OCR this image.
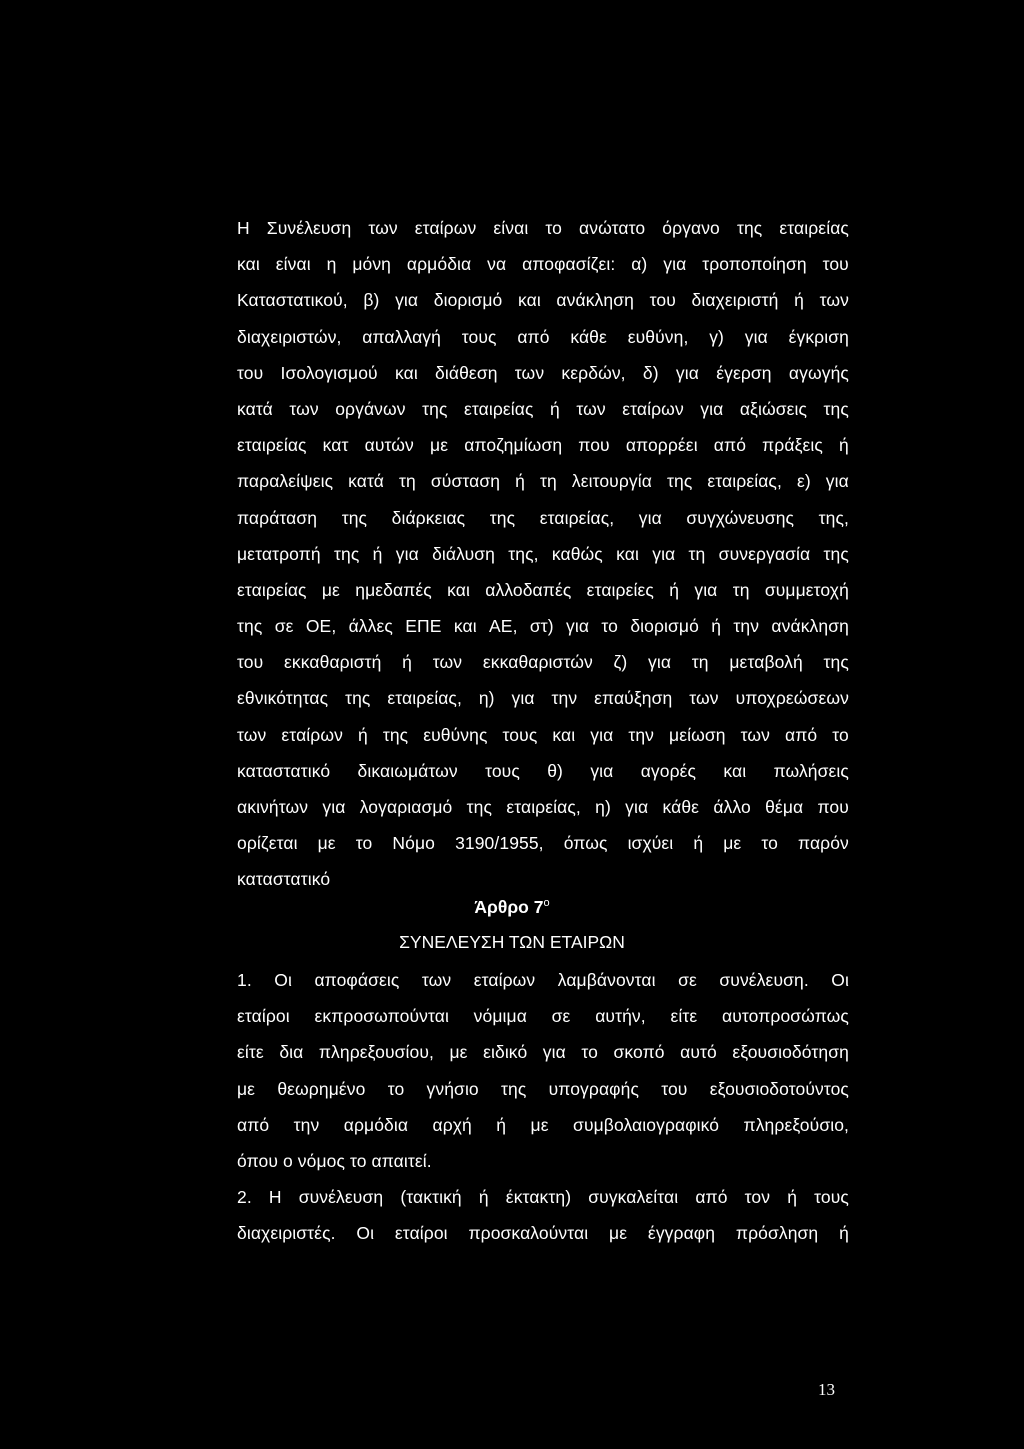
Η Συνέλευση των εταίρων είναι το ανώτατο όργανο της εταιρείας
και είναι η μόνη αρμόδια να αποφασίζει: α) για τροποποίηση του
Καταστατικού, β) για διορισμό και ανάκληση του διαχειριστή ή των
διαχειριστών, απαλλαγή τους από κάθε ευθύνη, γ) για έγκριση
του Ισολογισμού και διάθεση των κερδών, δ) για έγερση αγωγής
κατά των οργάνων της εταιρείας ή των εταίρων για αξιώσεις της
εταιρείας κατ αυτών με αποζημίωση που απορρέει από πράξεις ή
παραλείψεις κατά τη σύσταση ή τη λειτουργία της εταιρείας, ε) για
παράταση της διάρκειας της εταιρείας, για συγχώνευσης της,
μετατροπή της ή για διάλυση της, καθώς και για τη συνεργασία της
εταιρείας με ημεδαπές και αλλοδαπές εταιρείες ή για τη συμμετοχή
της σε ΟΕ, άλλες ΕΠΕ και ΑΕ, στ) για το διορισμό ή την ανάκληση
του εκκαθαριστή ή των εκκαθαριστών ζ) για τη μεταβολή της
εθνικότητας της εταιρείας, η) για την επαύξηση των υποχρεώσεων
των εταίρων ή της ευθύνης τους και για την μείωση των από το
καταστατικό δικαιωμάτων τους θ) για αγορές και πωλήσεις
ακινήτων για λογαριασμό της εταιρείας, η) για κάθε άλλο θέμα που
ορίζεται με το Νόμο 3190/1955, όπως ισχύει ή με το παρόν
καταστατικό
Άρθρο $7^o$
ΣΥΝΕΛΕΥΣΗ ΤΩΝ ΕΤΑΙΡΩΝ
1. Οι αποφάσεις των εταίρων λαμβάνονται σε συνέλευση. Οι
εταίροι εκπροσωπούνται νόμιμα σε αυτήν, είτε αυτοπροσώπως
είτε δια πληρεξουσίου, με ειδικό για το σκοπό αυτό εξουσιοδότηση
με θεωρημένο το γνήσιο της υπογραφής του εξουσιοδοτούντος
από την αρμόδια αρχή ή με συμβολαιογραφικό πληρεξούσιο,
όπου ο νόμος το απαιτεί.
2. Η συνέλευση (τακτική ή έκτακτη) συγκαλείται από τον ή τους
διαχειριστές. Οι εταίροι προσκαλούνται με έγγραφη πρόσληση ή
13
